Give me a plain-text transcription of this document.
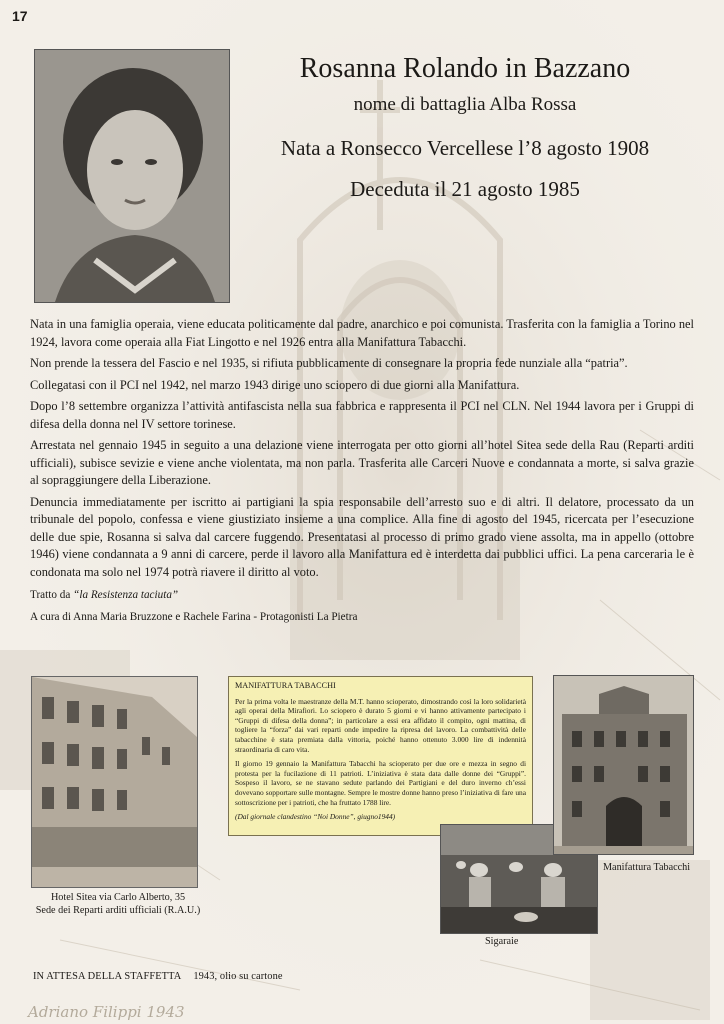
17
Rosanna Rolando in Bazzano
nome di battaglia Alba Rossa
Nata a Ronsecco Vercellese l’8 agosto 1908
Deceduta il 21 agosto 1985

Nata in una famiglia operaia, viene educata politicamente dal padre, anarchico e poi comunista. Trasferita con la famiglia a Torino nel 1924, lavora come operaia alla Fiat Lingotto e nel 1926 entra alla Manifattura Tabacchi.

Non prende la tessera del Fascio e nel 1935, si rifiuta pubblicamente di consegnare la propria fede nunziale alla “patria”.

Collegatasi con il PCI nel 1942, nel marzo 1943 dirige uno sciopero di due giorni alla Manifattura.

Dopo l’8 settembre organizza l’attività antifascista nella sua fabbrica e rappresenta il PCI nel CLN. Nel 1944 lavora per i Gruppi di difesa della donna nel IV settore torinese.

Arrestata nel gennaio 1945 in seguito a una delazione viene interrogata per otto giorni all’hotel Sitea sede della Rau (Reparti arditi ufficiali), subisce sevizie e viene anche violentata, ma non parla. Trasferita alle Carceri Nuove e condannata a morte, si salva grazie al sopraggiungere della Liberazione.

Denuncia immediatamente per iscritto ai partigiani la spia responsabile dell’arresto suo e di altri. Il delatore, processato da un tribunale del popolo, confessa e viene giustiziato insieme a una complice. Alla fine di agosto del 1945, ricercata per l’esecuzione delle due spie, Rosanna si salva dal carcere fuggendo. Presentatasi al processo di primo grado viene assolta, ma in appello (ottobre 1946) viene condannata a 9 anni di carcere, perde il lavoro alla Manifattura ed è interdetta dai pubblici uffici. La pena carceraria le è condonata ma solo nel 1974 potrà riavere il diritto al voto.

Tratto da “la Resistenza taciuta”
A cura di Anna Maria Bruzzone e Rachele Farina - Protagonisti La Pietra
Hotel Sitea via Carlo Alberto, 35
Sede dei Reparti arditi ufficiali (R.A.U.)
MANIFATTURA TABACCHI

Per la prima volta le maestranze della M.T. hanno scioperato, dimostrando così la loro solidarietà agli operai della Mirafiori. Lo sciopero è durato 5 giorni e vi hanno attivamente partecipato i “Gruppi di difesa della donna”; in particolare a essi era affidato il compito, ogni mattina, di togliere la “forza” dai vari reparti onde impedire la ripresa del lavoro. La combattività delle tabacchine è stata premiata dalla vittoria, poiché hanno ottenuto 3.000 lire di indennità straordinaria di caro vita.

Il giorno 19 gennaio la Manifattura Tabacchi ha scioperato per due ore e mezza in segno di protesta per la fucilazione di 11 patrioti. L’iniziativa è stata data dalle donne dei “Gruppi”. Sospeso il lavoro, se ne stavano sedute parlando dei Partigiani e del duro inverno ch’essi dovevano sopportare sulle montagne. Sempre le mostre donne hanno preso l’iniziativa di fare una sottoscrizione per i patrioti, che ha fruttato 1788 lire.

(Dal giornale clandestino “Noi Donne”, giugno1944)

Sigaraie
Manifattura Tabacchi
IN ATTESA DELLA STAFFETTA 1943, olio su cartone
Adriano Filippi 1943
